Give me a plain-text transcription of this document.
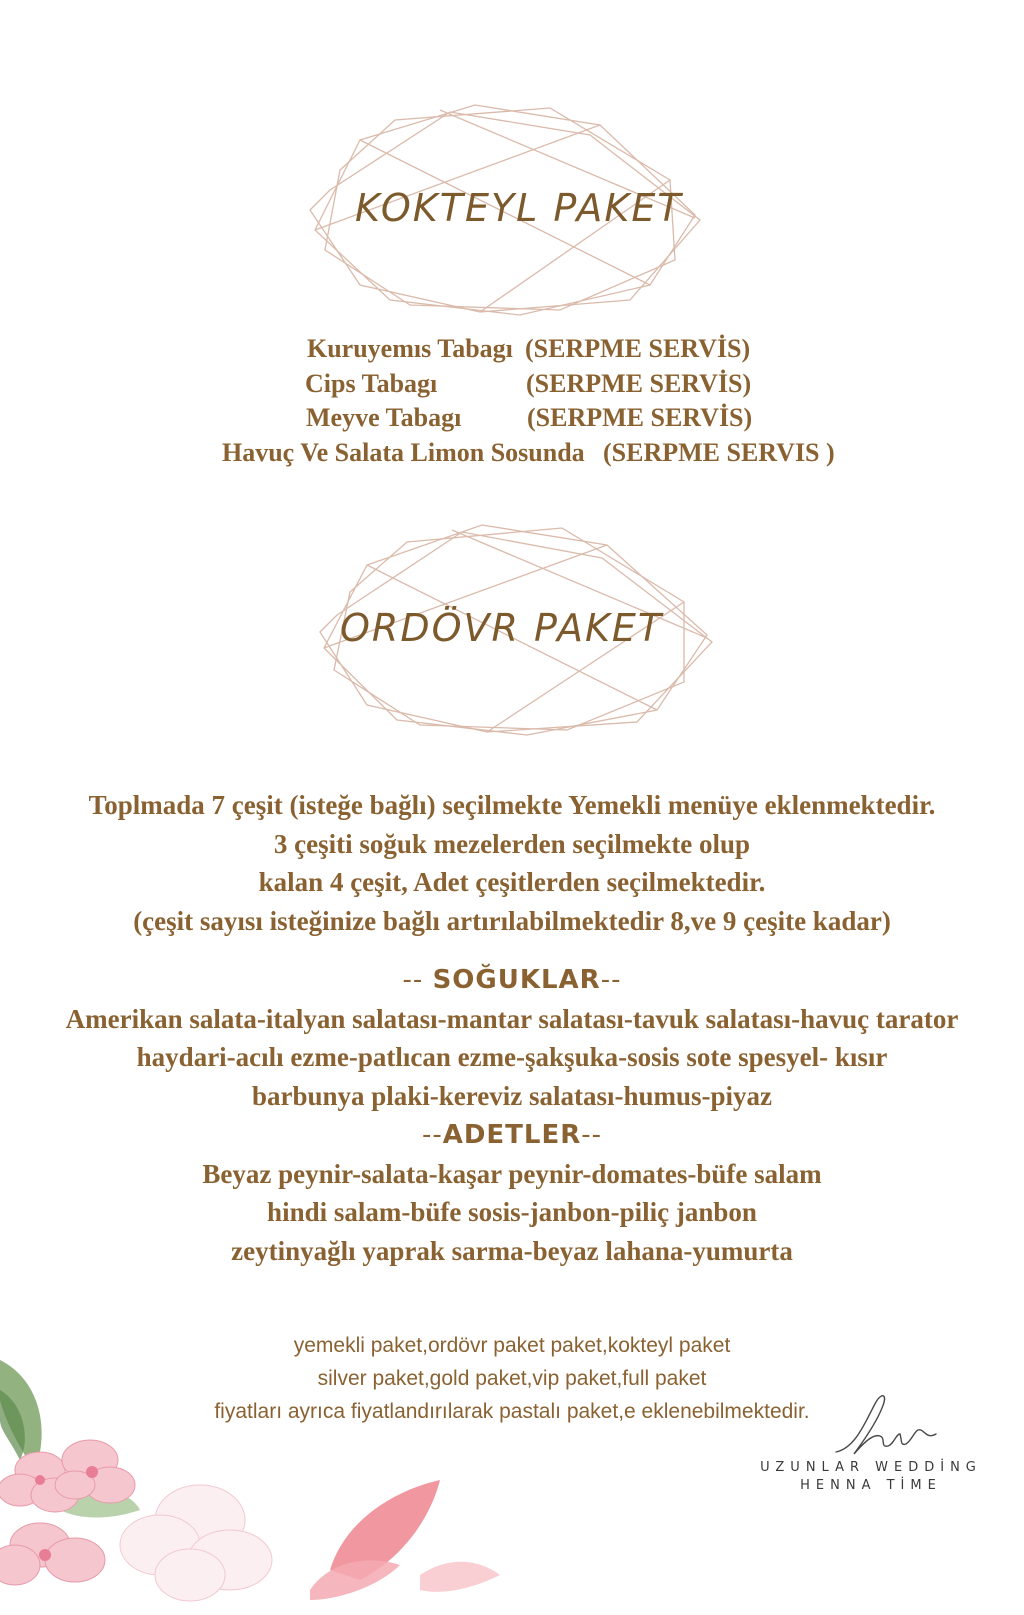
KOKTEYL PAKET
Kuruyemıs Tabagı (SERPME SERVİS)
Cips Tabagı	(SERPME SERVİS)
Meyve Tabagı	(SERPME SERVİS)
Havuç Ve Salata Limon Sosunda (SERPME SERVIS )
ORDÖVR PAKET
Toplmada 7 çeşit (isteğe bağlı) seçilmekte Yemekli menüye eklenmektedir.
3 çeşiti soğuk mezelerden seçilmekte olup
kalan 4 çeşit, Adet çeşitlerden seçilmektedir.
(çeşit sayısı isteğinize bağlı artırılabilmektedir 8,ve 9 çeşite kadar)
-- SOĞUKLAR--
Amerikan salata-italyan salatası-mantar salatası-tavuk salatası-havuç tarator
haydari-acılı ezme-patlıcan ezme-şakşuka-sosis sote spesyel- kısır
barbunya plaki-kereviz salatası-humus-piyaz
--ADETLER--
Beyaz peynir-salata-kaşar peynir-domates-büfe salam
hindi salam-büfe sosis-janbon-piliç janbon
zeytinyağlı yaprak sarma-beyaz lahana-yumurta
yemekli paket,ordövr paket paket,kokteyl paket
silver paket,gold paket,vip paket,full paket
fiyatları ayrıca fiyatlandırılarak pastalı paket,e eklenebilmektedir.
UZUNLAR WEDDİNG
HENNA TİME
